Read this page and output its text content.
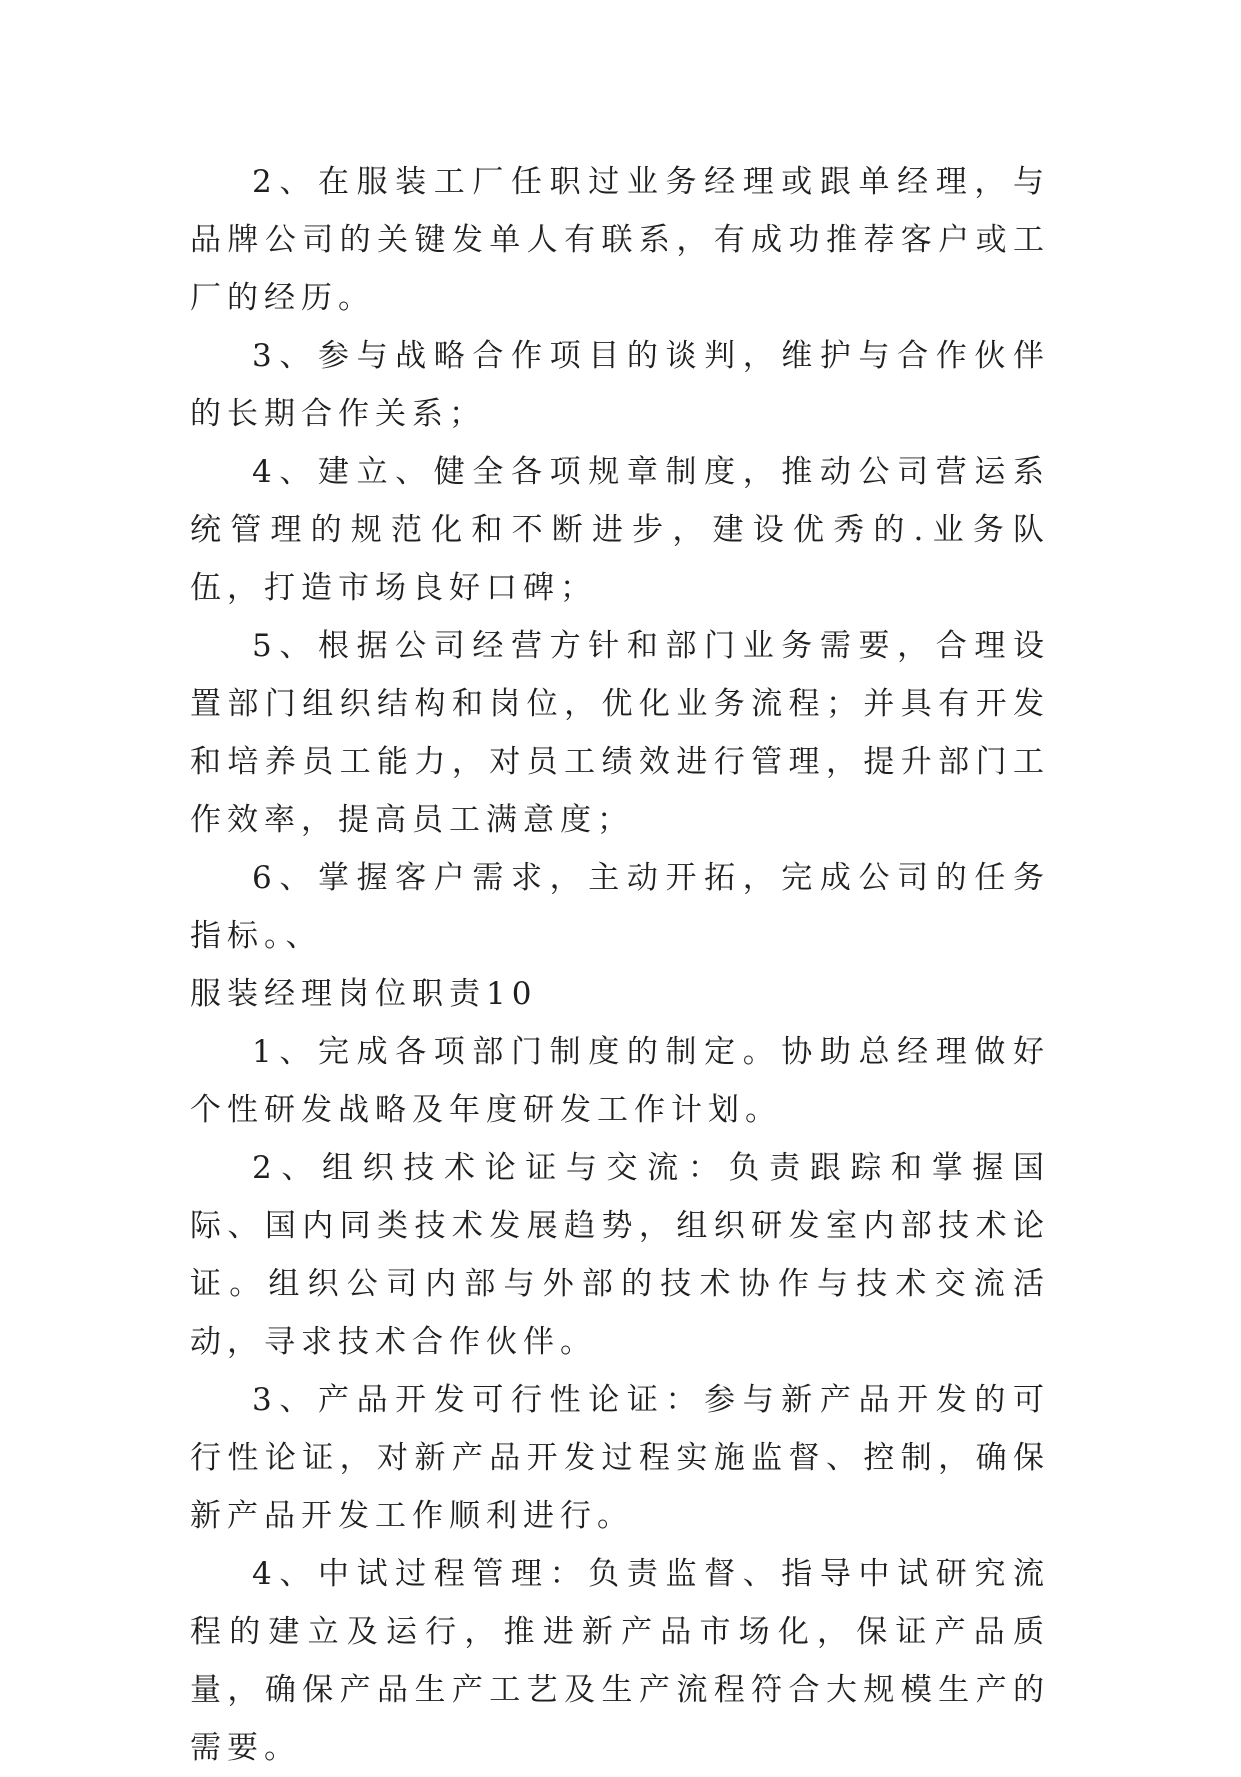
2、在服装工厂任职过业务经理或跟单经理，与品牌公司的关键发单人有联系，有成功推荐客户或工厂的经历。

3、参与战略合作项目的谈判，维护与合作伙伴的长期合作关系；

4、建立、健全各项规章制度，推动公司营运系统管理的规范化和不断进步，建设优秀的.业务队伍，打造市场良好口碑；

5、根据公司经营方针和部门业务需要，合理设置部门组织结构和岗位，优化业务流程；并具有开发和培养员工能力，对员工绩效进行管理，提升部门工作效率，提高员工满意度；

6、掌握客户需求，主动开拓，完成公司的任务指标。、

服装经理岗位职责10

1、完成各项部门制度的制定。协助总经理做好个性研发战略及年度研发工作计划。

2、组织技术论证与交流：负责跟踪和掌握国际、国内同类技术发展趋势，组织研发室内部技术论证。组织公司内部与外部的技术协作与技术交流活动，寻求技术合作伙伴。

3、产品开发可行性论证：参与新产品开发的可行性论证，对新产品开发过程实施监督、控制，确保新产品开发工作顺利进行。

4、中试过程管理：负责监督、指导中试研究流程的建立及运行，推进新产品市场化，保证产品质量，确保产品生产工艺及生产流程符合大规模生产的需要。
